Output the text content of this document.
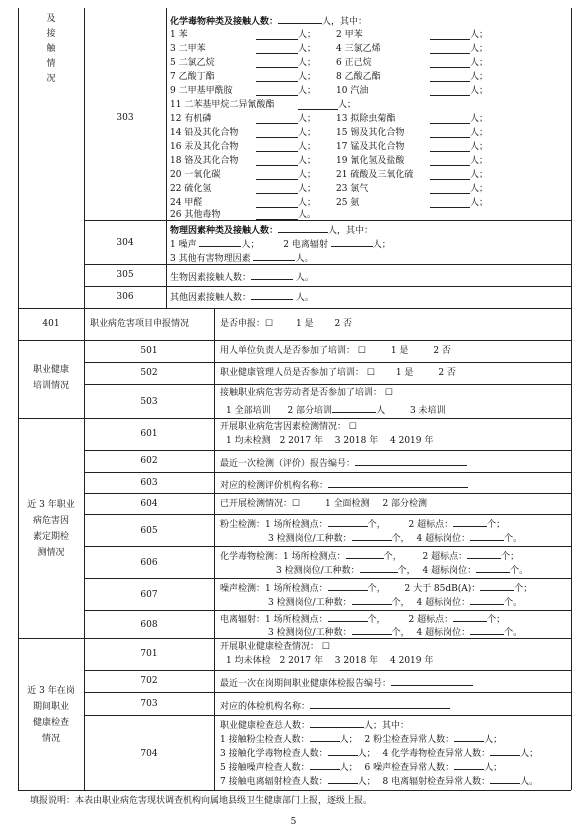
及
接
触
情
况
303
化学毒物种类及接触人数：	人，其中：
1 苯	人； 2 甲苯	人；
3 二甲苯	人； 4 三氯乙烯	人；
5 二氯乙烷	人； 6 正己烷	人；
7 乙酸丁酯	人； 8 乙酸乙酯	人；
9 二甲基甲酰胺	人； 10 汽油	人；
11 二苯基甲烷二异氰酸酯	人；
12 有机磷	人； 13 拟除虫菊酯	人；
14 铅及其化合物	人； 15 锡及其化合物	人；
16 汞及其化合物	人； 17 锰及其化合物	人；
18 铬及其化合物	人； 19 氰化氢及盐酸	人；
20 一氧化碳	人； 21 硫酸及三氧化硫	人；
22 硫化氢	人； 23 氯气	人；
24 甲醛	人； 25 氨	人；
26 其他毒物	人。
304
物理因素种类及接触人数：	人，其中：
1 噪声	人；	2 电离辐射	人；
3 其他有害物理因素	人。
305	生物因素接触人数：	人。
306	其他因素接触人数：	人。
401	职业病危害项目申报情况	是否申报：☐	1 是 2 否
职业健康
培训情况
501	用人单位负责人是否参加了培训： ☐	1 是	2 否
502	职业健康管理人员是否参加了培训： ☐ 1 是	2 否
503
接触职业病危害劳动者是否参加了培训： ☐
1 全部培训 2 部分培训	人	3 未培训
近 3 年职业
病危害因
素定期检
测情况
601
开展职业病危害因素检测情况： ☐
1 均未检测　2 2017 年　 3 2018 年　 4 2019 年
602	最近一次检测（评价）报告编号：
603	对应的检测评价机构名称：
604	已开展检测情况：☐	1 全面检测 2 部分检测
605
粉尘检测：1 场所检测点：	个，	2 超标点：	个；
3 检测岗位/工种数：	个， 4 超标岗位：	个。
606
化学毒物检测：1 场所检测点：	个， 2 超标点：	个；
3 检测岗位/工种数：	个， 4 超标岗位：	个。
607
噪声检测：1 场所检测点：	个， 2 大于 85dB(A)：	个；
3 检测岗位/工种数：	个， 4 超标岗位：	个。
608	电离辐射：1 场所检测点：	个，	2 超标点：	个；
3 检测岗位/工种数：	个， 4 超标岗位：	个。
近 3 年在岗
期间职业
健康检查
情况
701
开展职业健康检查情况： ☐
1 均未体检　2 2017 年　 3 2018 年　 4 2019 年
702	最近一次在岗期间职业健康体检报告编号：
703	对应的体检机构名称：
704
职业健康检查总人数：	人；其中：
1 接触粉尘检查人数：	人； 2 粉尘检查异常人数：	人；
3 接触化学毒物检查人数：	人； 4 化学毒物检查异常人数：	人；
5 接触噪声检查人数：	人； 6 噪声检查异常人数：	人；
7 接触电离辐射检查人数：	人； 8 电离辐射检查异常人数：	人。
填报说明：本表由职业病危害现状调查机构向属地县级卫生健康部门上报，逐级上报。
5
